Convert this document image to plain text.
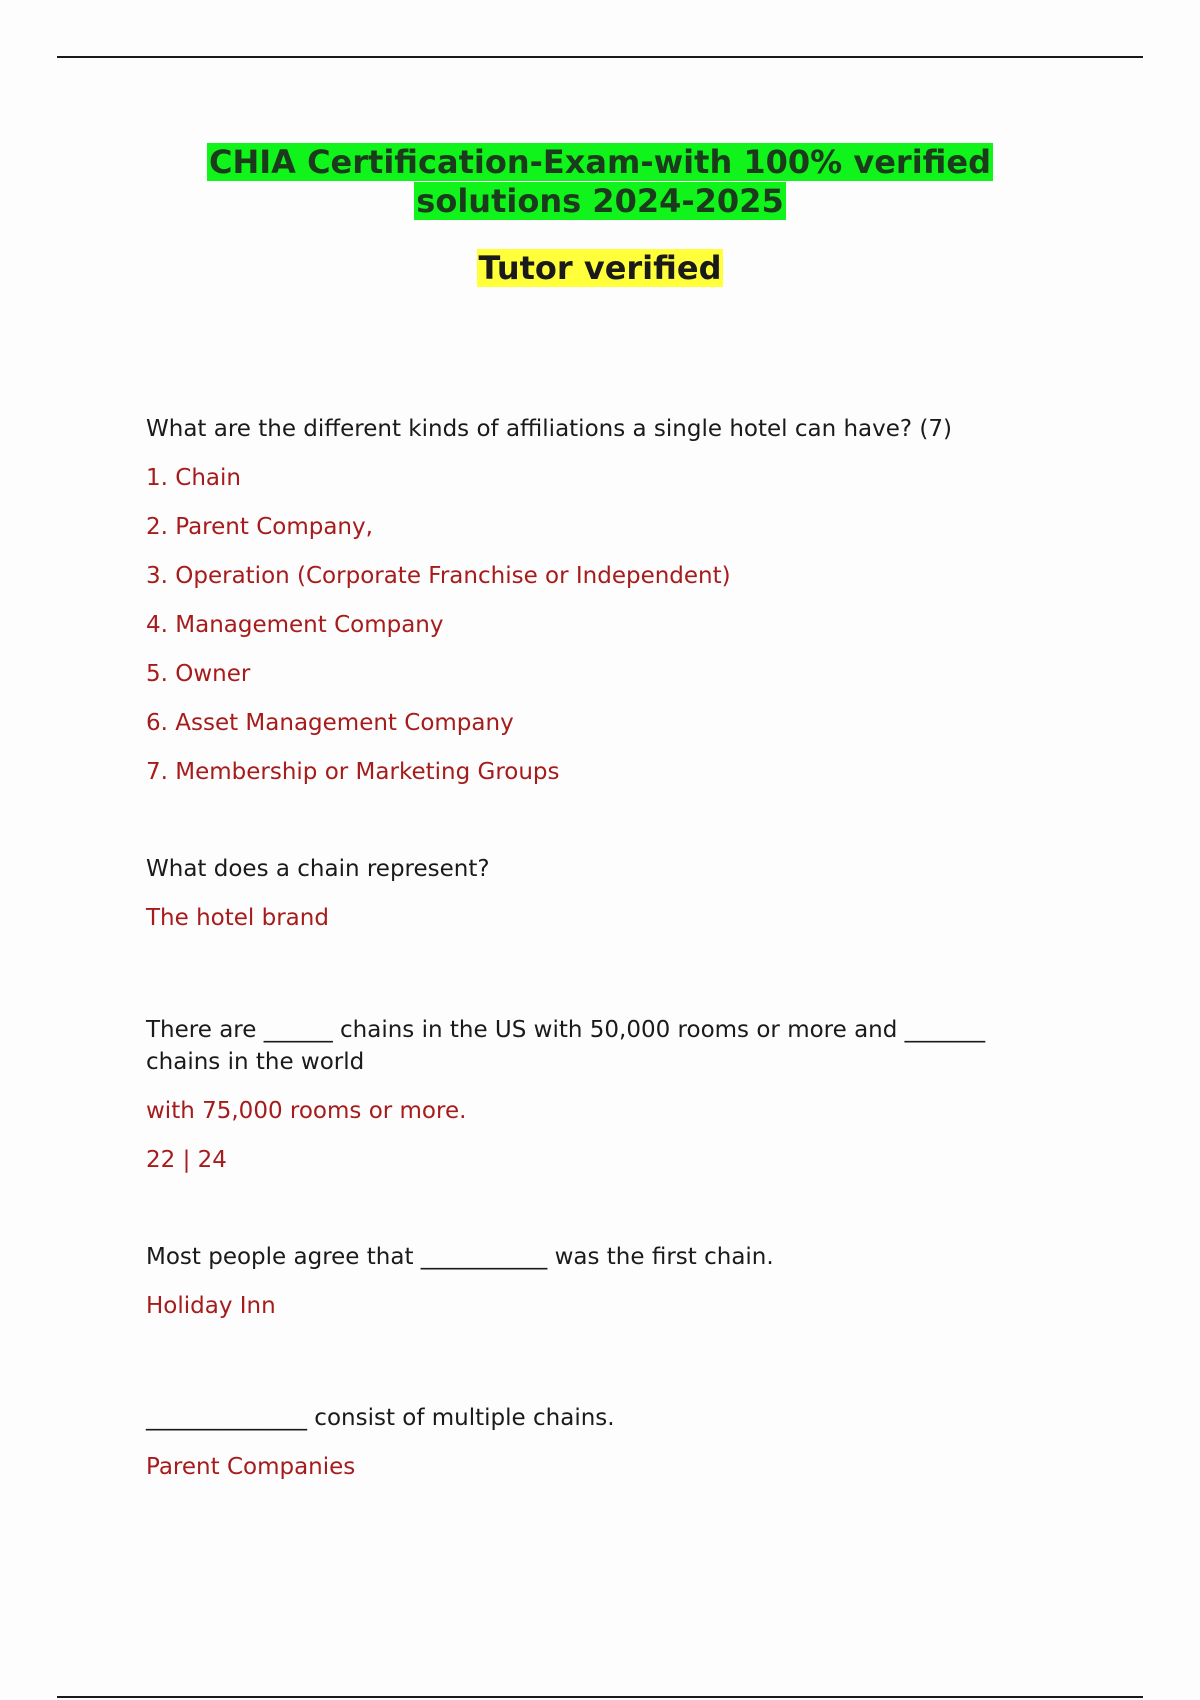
CHIA Certification-Exam-with 100% verified
solutions 2024-2025
Tutor verified

What are the different kinds of affiliations a single hotel can have? (7)

1. Chain

2. Parent Company,

3. Operation (Corporate Franchise or Independent)

4. Management Company

5. Owner

6. Asset Management Company

7. Membership or Marketing Groups

What does a chain represent?

The hotel brand

There are ______ chains in the US with 50,000 rooms or more and _______

chains in the world

with 75,000 rooms or more.

22 | 24

Most people agree that ___________ was the first chain.

Holiday Inn

______________ consist of multiple chains.

Parent Companies
